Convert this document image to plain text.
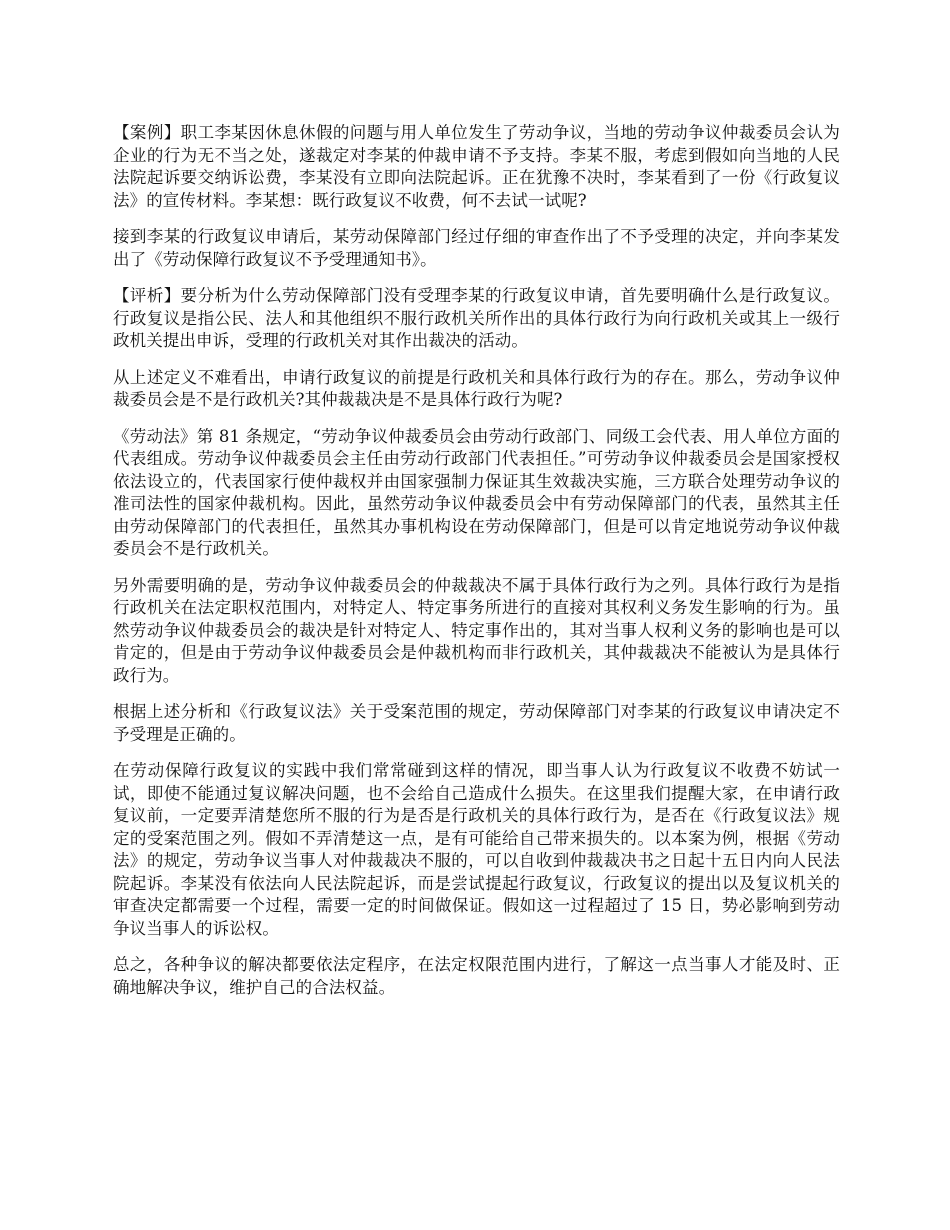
【案例】职工李某因休息休假的问题与用人单位发生了劳动争议，当地的劳动争议仲裁委员会认为企业的行为无不当之处，遂裁定对李某的仲裁申请不予支持。李某不服，考虑到假如向当地的人民法院起诉要交纳诉讼费，李某没有立即向法院起诉。正在犹豫不决时，李某看到了一份《行政复议法》的宣传材料。李某想：既行政复议不收费，何不去试一试呢?

接到李某的行政复议申请后，某劳动保障部门经过仔细的审查作出了不予受理的决定，并向李某发出了《劳动保障行政复议不予受理通知书》。

【评析】要分析为什么劳动保障部门没有受理李某的行政复议申请，首先要明确什么是行政复议。行政复议是指公民、法人和其他组织不服行政机关所作出的具体行政行为向行政机关或其上一级行政机关提出申诉，受理的行政机关对其作出裁决的活动。

从上述定义不难看出，申请行政复议的前提是行政机关和具体行政行为的存在。那么，劳动争议仲裁委员会是不是行政机关?其仲裁裁决是不是具体行政行为呢?

《劳动法》第 81 条规定，“劳动争议仲裁委员会由劳动行政部门、同级工会代表、用人单位方面的代表组成。劳动争议仲裁委员会主任由劳动行政部门代表担任。”可劳动争议仲裁委员会是国家授权依法设立的，代表国家行使仲裁权并由国家强制力保证其生效裁决实施，三方联合处理劳动争议的准司法性的国家仲裁机构。因此，虽然劳动争议仲裁委员会中有劳动保障部门的代表，虽然其主任由劳动保障部门的代表担任，虽然其办事机构设在劳动保障部门，但是可以肯定地说劳动争议仲裁委员会不是行政机关。

另外需要明确的是，劳动争议仲裁委员会的仲裁裁决不属于具体行政行为之列。具体行政行为是指行政机关在法定职权范围内，对特定人、特定事务所进行的直接对其权利义务发生影响的行为。虽然劳动争议仲裁委员会的裁决是针对特定人、特定事作出的，其对当事人权利义务的影响也是可以肯定的，但是由于劳动争议仲裁委员会是仲裁机构而非行政机关，其仲裁裁决不能被认为是具体行政行为。

根据上述分析和《行政复议法》关于受案范围的规定，劳动保障部门对李某的行政复议申请决定不予受理是正确的。

在劳动保障行政复议的实践中我们常常碰到这样的情况，即当事人认为行政复议不收费不妨试一试，即使不能通过复议解决问题，也不会给自己造成什么损失。在这里我们提醒大家，在申请行政复议前，一定要弄清楚您所不服的行为是否是行政机关的具体行政行为，是否在《行政复议法》规定的受案范围之列。假如不弄清楚这一点，是有可能给自己带来损失的。以本案为例，根据《劳动法》的规定，劳动争议当事人对仲裁裁决不服的，可以自收到仲裁裁决书之日起十五日内向人民法院起诉。李某没有依法向人民法院起诉，而是尝试提起行政复议，行政复议的提出以及复议机关的审查决定都需要一个过程，需要一定的时间做保证。假如这一过程超过了 15 日，势必影响到劳动争议当事人的诉讼权。

总之，各种争议的解决都要依法定程序，在法定权限范围内进行，了解这一点当事人才能及时、正确地解决争议，维护自己的合法权益。
